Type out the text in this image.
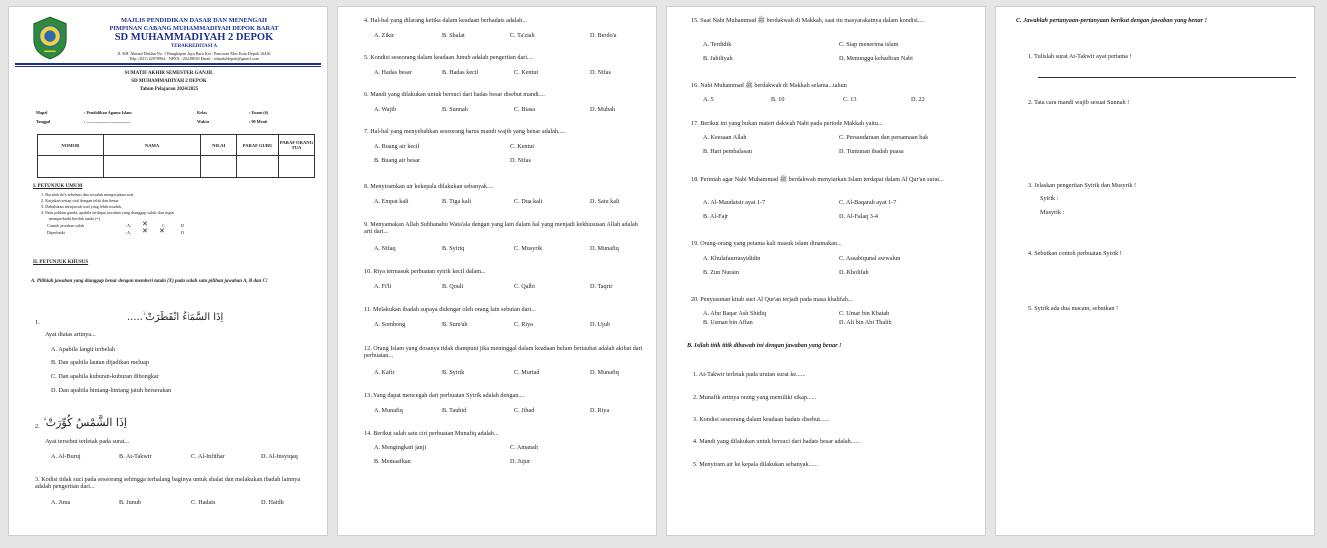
MAJLIS PENDIDIKAN DASAR DAN MENENGAH
PIMPINAN CABANG MUHAMMADIYAH DEPOK BARAT
SD MUHAMMADIYAH 2 DEPOK
TERAKREDITASI A
Jl. KH. Ahmad Dahlan No. 1 Bungkapan Jaya Baru Kec. Pancoran Mas Kota Depok 16436
Telp. (021) 22978964 · NPSN : 20228030 Email : sdmuh2depok@gmail.com
SUMATIF AKHIR SEMESTER GANJIL
SD MUHAMMADIYAH 2 DEPOK
Tahun Pelajaran 2024/2025
Mapel	: Pendidikan Agama Islam
Tanggal	: ..........................................
Kelas	: Enam (6)
Waktu	: 90 Menit
NOMOR	NAMA	NILAI	PARAF GURU	PARAF ORANG TUA

I. PETUNJUK UMUM
1. Bacalah do'a sebelum dan sesudah mengerjakan soal.
2. Kerjakan setiap soal dengan teliti dan benar.
3. Dahulukan menjawab soal yang lebih mudah.
4. Pada pilihan ganda, apabila terdapat jawaban yang dianggap salah, dan ingin
memperbaiki berilah tanda (=).
Contoh jawaban salah	: A, ✕	C.	D
Diperbaiki	: A, ✕ ✕	D
II. PETUNJUK KHUSUS
A. Pilihlah jawaban yang dianggap benar dengan memberi tanda (X) pada salah satu pilihan jawaban A, B dan C!
1.	اِذَا السَّمَاۤءُ انْفَطَرَتْ ۙ.....
Ayat diatas artinya...
A. Apabila langit terbelah
B. Dan apabila lautan dijadikan meluap
C. Dan apabila kuburan-kuburan dibongkar
D. Dan apabila bintang-bintang jatuh berserakan
2. اِذَا الشَّمْسُ كُوِّرَتْ ۙ
Ayat tersebut terletak pada surat...
A. Al-Buruj	B. At-Takwir	C. Al-Infithar	D. Al-Insyiqaq
3. Kodisi tidak suci pada seseorang sehingga terhalang baginya untuk shalat dan melakukan ibadah lainnya adalah pengertian dari...
A. Jima	B. Junub	C. Hadats	D. Haidh
4. Hal-hal yang dilarang ketika dalam keadaan berhadats adalah...
A. Zikir	B. Shalat	C. Ta'ziah	D. Berdo'a
5. Kondisi seseorang dalam keadaan Junub adalah pengertian dari....
A. Hadas besar	B. Hadas kecil	C. Kentut	D. Nifas
6. Mandi yang dilakukan untuk bersuci dari hadas besar disebut mandi....
A. Wajib	B. Sunnah	C. Biasa	D. Mubah
7. Hal-hal yang menyebabkan seseorang harus mandi wajib yang benar adalah.....
A. Buang air kecil	C. Kentut
B. Buang air besar	D. Nifas
8. Menyiramkan air kekepala dilakukan sebanyak....
A. Empat kali	B. Tiga kali	C. Dua kali	D. Satu kali
9. Menyamakan Allah Subhanahu Wata'ala dengan yang lain dalam hal yang menjadi kekhususan Allah adalah arti dari...
A. Nifaq	B. Syiriq	C. Musyrik	D. Munafiq
10. Riya termasuk perbuatan syirik kecil dalam...
A. Fi'li	B. Qouli	C. Qalbi	D. Taqrir
11. Melakukan ibadah supaya didengar oleh orang lain sebutan dari...
A. Sombong	B. Sum'ah	C. Riya	D. Ujub
12. Orang Islam yang dosanya tidak diampuni jika meninggal dalam keadaan belum bertaubat adalah akibat dari perbuatan...
A. Kafir	B. Syirik	C. Murtad	D. Munafiq
13. Yang dapat mencegah dari perbuatan Syirik adalah dengan....
A. Munafiq	B. Tauhid	C. Jihad	D. Riya
14. Berikut salah satu ciri perbuatan Munafiq adalah...
A. Mengingkari janji	C. Amanah
B. Memaafkan	D. Jujur
15. Saat Nabi Muhammad ﷺ berdakwah di Makkah, saat itu masyarakatnya dalam kondisi....
A. Terdidik	C. Siap menerima islam
B. Jahiliyah	D. Menunggu kehadiran Nabi
16. Nabi Muhammad ﷺ berdakwah di Makkah selama...tahun
A. 5	B. 10	C. 13	D. 22
17. Berikut ini yang bukan materi dakwah Nabi pada periode Makkah yaitu...
A. Keesaan Allah	C. Persaudaraan dan persamaan hak
B. Hari pembalasan	D. Tuntunan ibadah puasa
18. Perintah agar Nabi Muhammad ﷺ berdakwah menyiarkan Islam terdapat dalam Al Qur'an surat...
A. Al-Maudatsir ayat 1-7	C. Al-Baqarah ayat 1-7
B. Al-Fajr	D. Al-Falaq 3-4
19. Orang-orang yang petama kali masuk islam dinamakan...
A. Khulafaurrasyididin	C. Assabiqunal awwalun
B. Zun Nurain	D. Kholifah
20. Penyusunan kitab suci Al Qur'an terjadi pada masa khalifah...
A. Abu Baqar Ash Shidiq	C. Umar bin Khatab
B. Usman bin Affan	D. Ali bin Abi Thalib
B. Isilah titik titik dibawah ini dengan jawaban yang benar !
1. At-Takwir terletak pada urutan surat ke......
2. Munafik artinya orang yang memiliki sikap......
3. Kondisi seseorang dalam keadaan hadats disebut......
4. Mandi yang dilakukan untuk bersuci dari hadats besar adalah......
5. Menyiram air ke kepala dilakukan sebanyak......
C. Jawablah pertanyaan-pertanyaan berikut dengan jawaban yang benar !
1. Tulislah surat At-Takwir ayat pertama !
2. Tata cara mandi wajib sesuai Sunnah !
3. Jelaskan pengertian Syirik dan Musyrik !
Syirik :
Musyrik :
4. Sebutkan contoh perbuatan Syirik !
5. Syirik ada dua macam, sebutkan !
